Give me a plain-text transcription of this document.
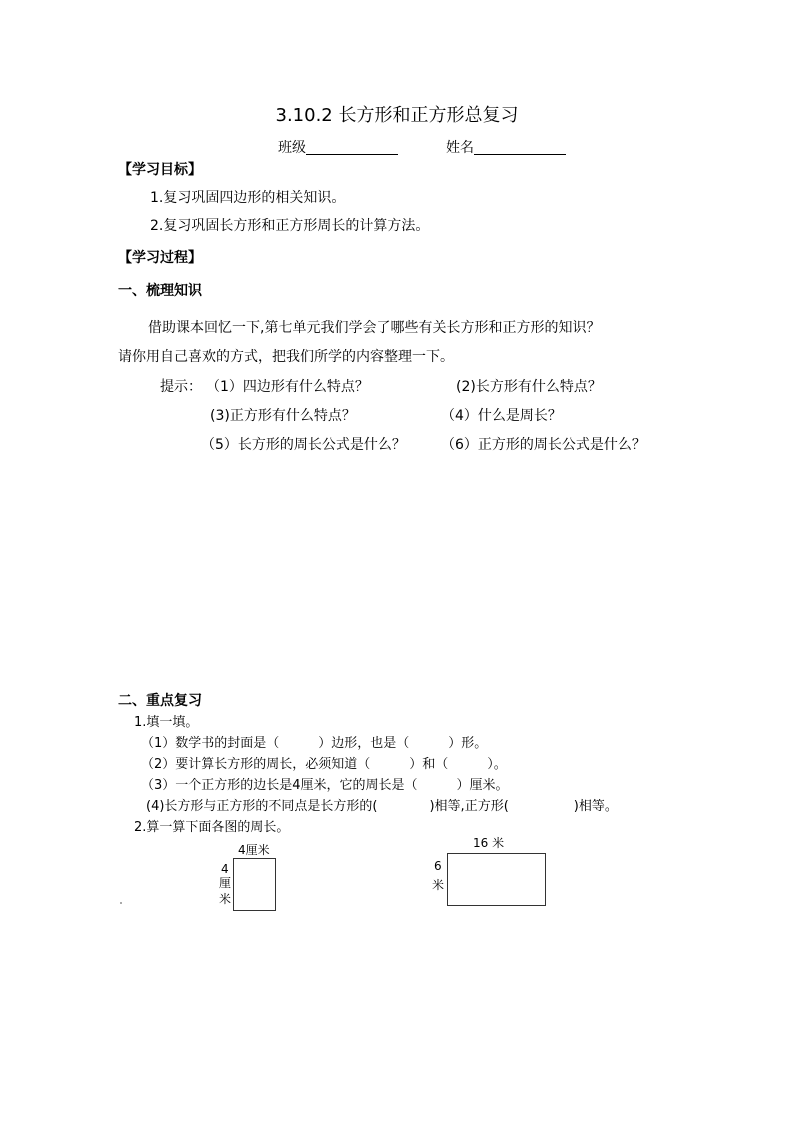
3.10.2 长方形和正方形总复习
班级	姓名
【学习目标】
1.复习巩固四边形的相关知识。
2.复习巩固长方形和正方形周长的计算方法。
【学习过程】
一、梳理知识
借助课本回忆一下,第七单元我们学会了哪些有关长方形和正方形的知识？
请你用自己喜欢的方式，把我们所学的内容整理一下。
提示： （1）四边形有什么特点？	(2)长方形有什么特点？
(3)正方形有什么特点？	（4）什么是周长？
（5）长方形的周长公式是什么？	（6）正方形的周长公式是什么？
二、重点复习
1.填一填。
（1）数学书的封面是（　　　）边形，也是（　　　）形。
（2）要计算长方形的周长，必须知道（　　　）和（　　　）。
（3）一个正方形的边长是4厘米，它的周长是（　　　）厘米。
(4)长方形与正方形的不同点是长方形的(　　　　)相等,正方形(　　　　　)相等。
2.算一算下面各图的周长。
4厘米
4
厘
米
16 米
6
米
